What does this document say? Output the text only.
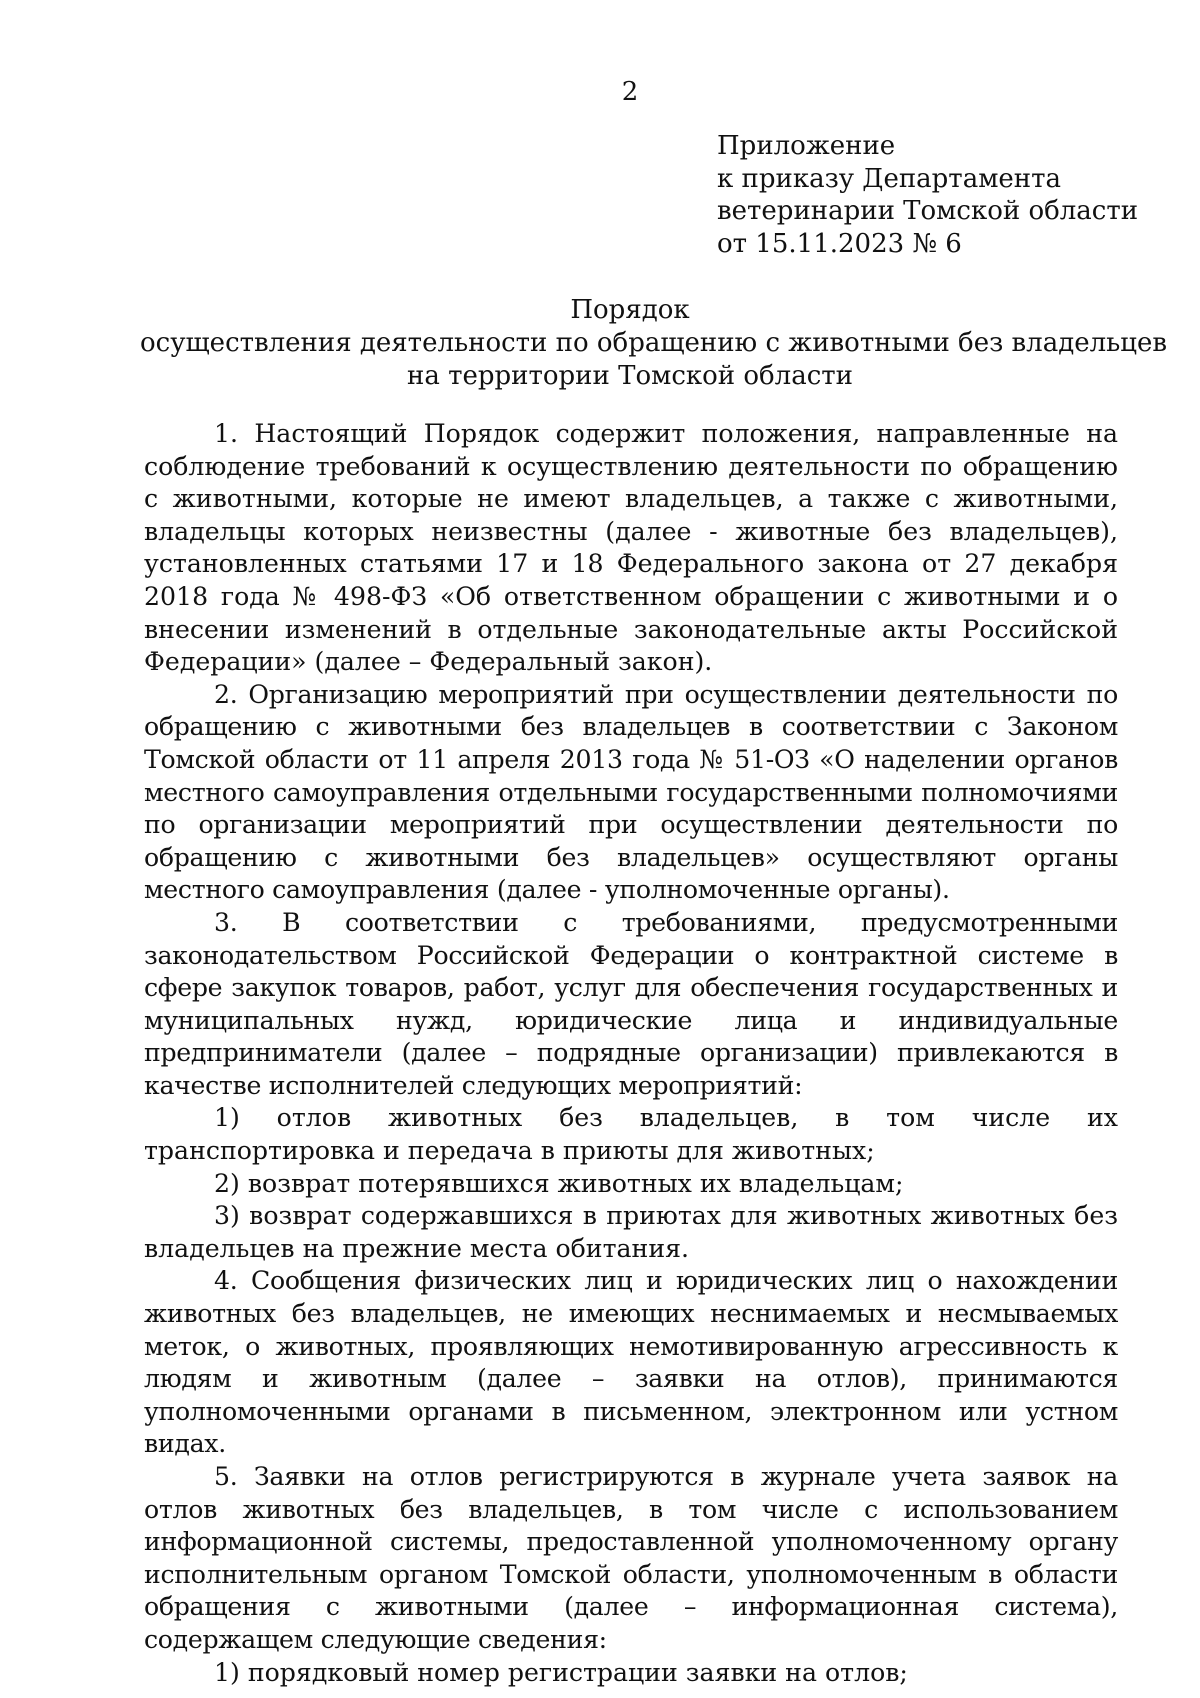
2
Приложение
к приказу Департамента
ветеринарии Томской области
от 15.11.2023 № 6
Порядок
осуществления деятельности по обращению с животными без владельцев
на территории Томской области

1. Настоящий Порядок содержит положения, направленные на соблюдение требований к осуществлению деятельности по обращению с животными, которые не имеют владельцев, а также с животными, владельцы которых неизвестны (далее - животные без владельцев), установленных статьями 17 и 18 Федерального закона от 27 декабря 2018 года № 498-ФЗ «Об ответственном обращении с животными и о внесении изменений в отдельные законодательные акты Российской Федерации» (далее – Федеральный закон).

2. Организацию мероприятий при осуществлении деятельности по обращению с животными без владельцев в соответствии с Законом Томской области от 11 апреля 2013 года № 51-ОЗ «О наделении органов местного самоуправления отдельными государственными полномочиями по организации мероприятий при осуществлении деятельности по обращению с животными без владельцев» осуществляют органы местного самоуправления (далее - уполномоченные органы).

3. В соответствии с требованиями, предусмотренными законодательством Российской Федерации о контрактной системе в сфере закупок товаров, работ, услуг для обеспечения государственных и муниципальных нужд, юридические лица и индивидуальные предприниматели (далее – подрядные организации) привлекаются в качестве исполнителей следующих мероприятий:

1) отлов животных без владельцев, в том числе их транспортировка и передача в приюты для животных;

2) возврат потерявшихся животных их владельцам;

3) возврат содержавшихся в приютах для животных животных без владельцев на прежние места обитания.

4. Сообщения физических лиц и юридических лиц о нахождении животных без владельцев, не имеющих неснимаемых и несмываемых меток, о животных, проявляющих немотивированную агрессивность к людям и животным (далее – заявки на отлов), принимаются уполномоченными органами в письменном, электронном или устном видах.

5. Заявки на отлов регистрируются в журнале учета заявок на отлов животных без владельцев, в том числе с использованием информационной системы, предоставленной уполномоченному органу исполнительным органом Томской области, уполномоченным в области обращения с животными (далее – информационная система), содержащем следующие сведения:

1) порядковый номер регистрации заявки на отлов;
